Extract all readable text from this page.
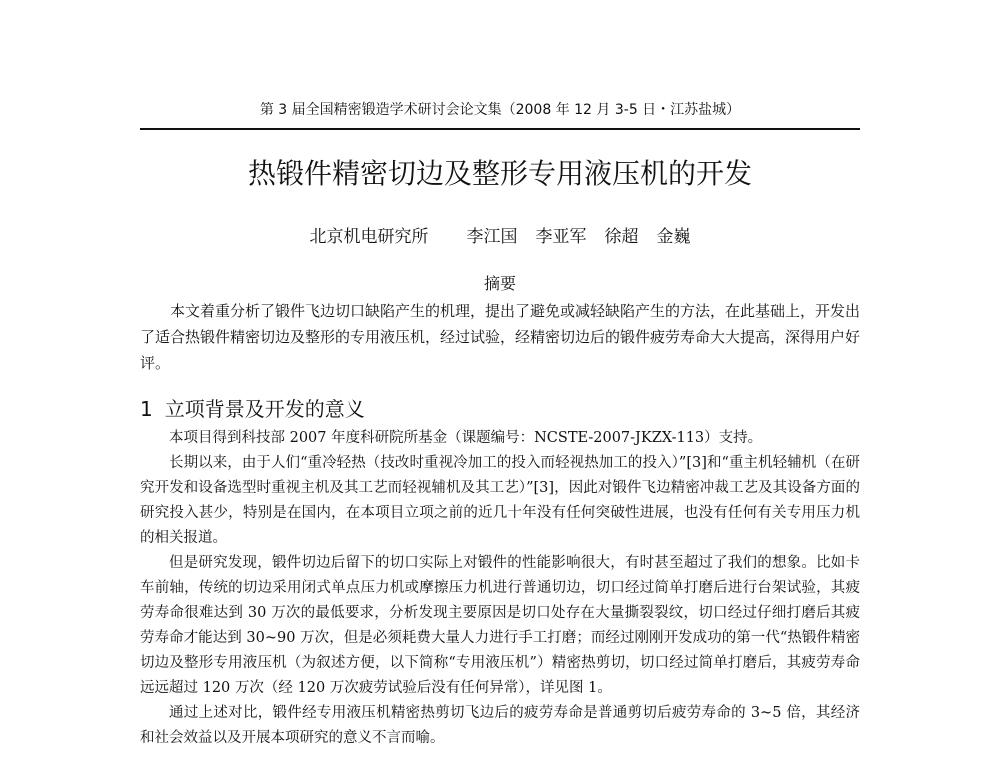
第 3 届全国精密锻造学术研讨会论文集（2008 年 12 月 3-5 日・江苏盐城）
热锻件精密切边及整形专用液压机的开发
北京机电研究所 李江国 李亚军 徐超 金巍
摘要
本文着重分析了锻件飞边切口缺陷产生的机理，提出了避免或减轻缺陷产生的方法，在此基础上，开发出了适合热锻件精密切边及整形的专用液压机，经过试验，经精密切边后的锻件疲劳寿命大大提高，深得用户好评。
1 立项背景及开发的意义

本项目得到科技部 2007 年度科研院所基金（课题编号：NCSTE-2007-JKZX-113）支持。

长期以来，由于人们“重冷轻热（技改时重视冷加工的投入而轻视热加工的投入）”[3]和“重主机轻辅机（在研究开发和设备选型时重视主机及其工艺而轻视辅机及其工艺）”[3]，因此对锻件飞边精密冲裁工艺及其设备方面的研究投入甚少，特别是在国内，在本项目立项之前的近几十年没有任何突破性进展，也没有任何有关专用压力机的相关报道。

但是研究发现，锻件切边后留下的切口实际上对锻件的性能影响很大，有时甚至超过了我们的想象。比如卡车前轴，传统的切边采用闭式单点压力机或摩擦压力机进行普通切边，切口经过简单打磨后进行台架试验，其疲劳寿命很难达到 30 万次的最低要求，分析发现主要原因是切口处存在大量撕裂裂纹，切口经过仔细打磨后其疲劳寿命才能达到 30~90 万次，但是必须耗费大量人力进行手工打磨；而经过刚刚开发成功的第一代“热锻件精密切边及整形专用液压机（为叙述方便，以下简称“专用液压机”）精密热剪切，切口经过简单打磨后，其疲劳寿命远远超过 120 万次（经 120 万次疲劳试验后没有任何异常），详见图 1。

通过上述对比，锻件经专用液压机精密热剪切飞边后的疲劳寿命是普通剪切后疲劳寿命的 3~5 倍，其经济和社会效益以及开展本项研究的意义不言而喻。
